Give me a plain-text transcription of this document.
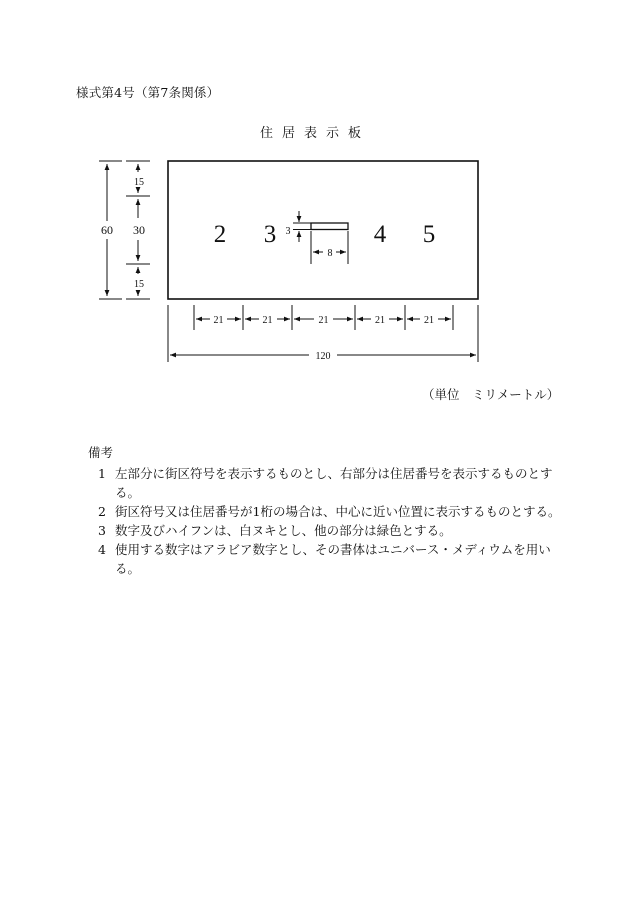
様式第4号（第7条関係）
住居表示板
2 3	4 5
60
15
30
15
3
8
21	21	21	21	21
120
（単位　ミリメートル）

備考

1 左部分に街区符号を表示するものとし、右部分は住居番号を表示するものとする。

2 街区符号又は住居番号が1桁の場合は、中心に近い位置に表示するものとする。

3 数字及びハイフンは、白ヌキとし、他の部分は緑色とする。

4 使用する数字はアラビア数字とし、その書体はユニバース・メディウムを用いる。
